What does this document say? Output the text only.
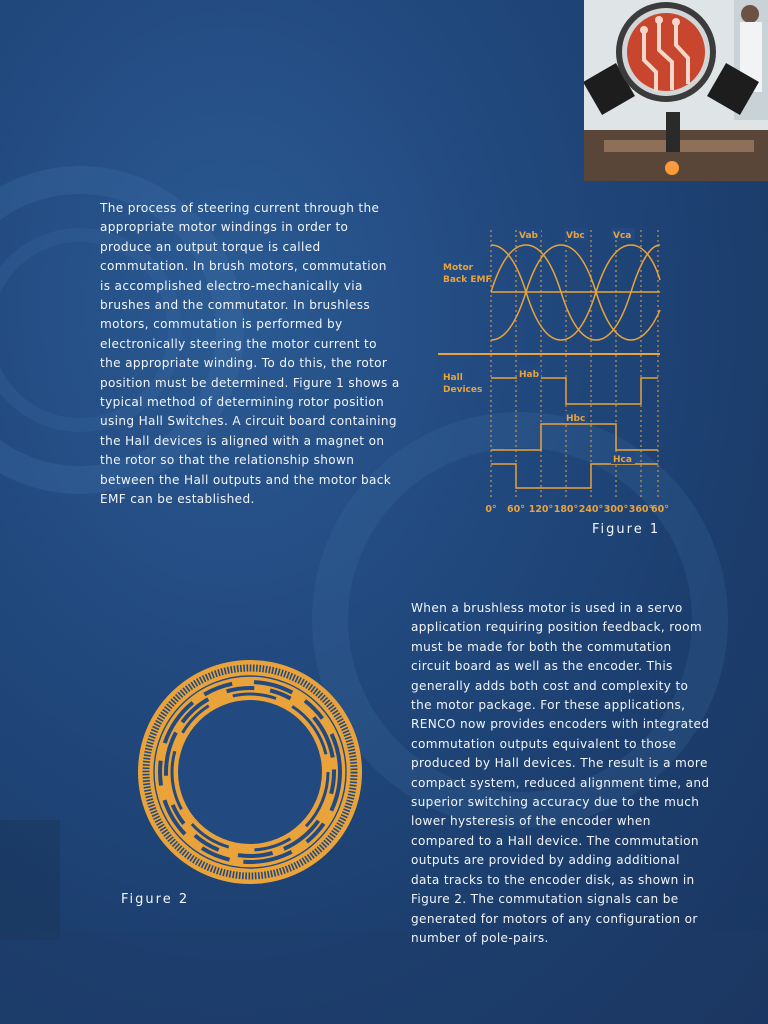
The process of steering current through the appropriate motor windings in order to produce an output torque is called commutation. In brush motors, commutation is accomplished electro-mechanically via brushes and the commutator. In brushless motors, commutation is performed by electronically steering the motor current to the appropriate winding. To do this, the rotor position must be determined. Figure 1 shows a typical method of determining rotor position using Hall Switches. A circuit board containing the Hall devices is aligned with a magnet on the rotor so that the relationship shown between the Hall outputs and the motor back EMF can be established.

Motor
Back EMF
Hall
Devices
Vab	Vbc	Vca
Hab
Hbc
Hca
0° 60° 120° 180° 240° 300° 360°
60°
Figure 1
Figure 2

When a brushless motor is used in a servo application requiring position feedback, room must be made for both the commutation circuit board as well as the encoder. This generally adds both cost and complexity to the motor package. For these applications, RENCO now provides encoders with integrated commutation outputs equivalent to those produced by Hall devices. The result is a more compact system, reduced alignment time, and superior switching accuracy due to the much lower hysteresis of the encoder when compared to a Hall device. The commutation outputs are provided by adding additional data tracks to the encoder disk, as shown in Figure 2. The commutation signals can be generated for motors of any configuration or number of pole-pairs.
